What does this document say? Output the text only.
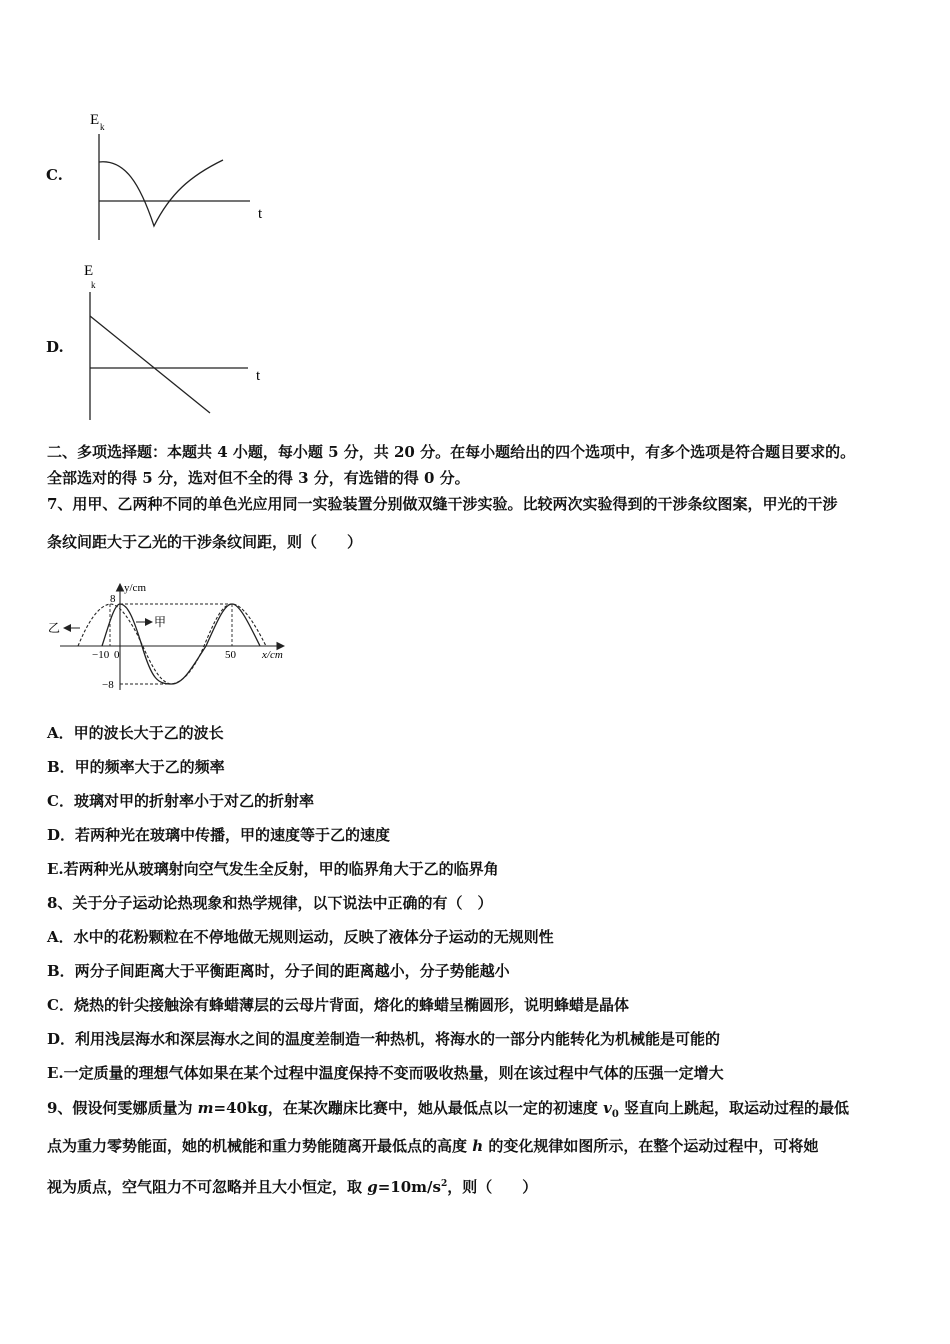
C.
E k
t
D.
E
k
t
二、多项选择题：本题共 4 小题，每小题 5 分，共 20 分。在每小题给出的四个选项中，有多个选项是符合题目要求的。
全部选对的得 5 分，选对但不全的得 3 分，有选错的得 0 分。
7、用甲、乙两种不同的单色光应用同一实验装置分别做双缝干涉实验。比较两次实验得到的干涉条纹图案，甲光的干涉
条纹间距大于乙光的干涉条纹间距，则（　　）
y/cm
x/cm
8
−8
−10 0	50
甲
乙
A．甲的波长大于乙的波长
B．甲的频率大于乙的频率
C．玻璃对甲的折射率小于对乙的折射率
D．若两种光在玻璃中传播，甲的速度等于乙的速度
E.若两种光从玻璃射向空气发生全反射，甲的临界角大于乙的临界角
8、关于分子运动论热现象和热学规律，以下说法中正确的有（　）
A．水中的花粉颗粒在不停地做无规则运动，反映了液体分子运动的无规则性
B．两分子间距离大于平衡距离时，分子间的距离越小，分子势能越小
C．烧热的针尖接触涂有蜂蜡薄层的云母片背面，熔化的蜂蜡呈椭圆形，说明蜂蜡是晶体
D．利用浅层海水和深层海水之间的温度差制造一种热机，将海水的一部分内能转化为机械能是可能的
E.一定质量的理想气体如果在某个过程中温度保持不变而吸收热量，则在该过程中气体的压强一定增大
9、假设何雯娜质量为 m=40kg，在某次蹦床比赛中，她从最低点以一定的初速度 $v_0$ 竖直向上跳起，取运动过程的最低
点为重力零势能面，她的机械能和重力势能随离开最低点的高度 h 的变化规律如图所示，在整个运动过程中，可将她
视为质点，空气阻力不可忽略并且大小恒定，取 $g=10m/s^2$，则（　　）
